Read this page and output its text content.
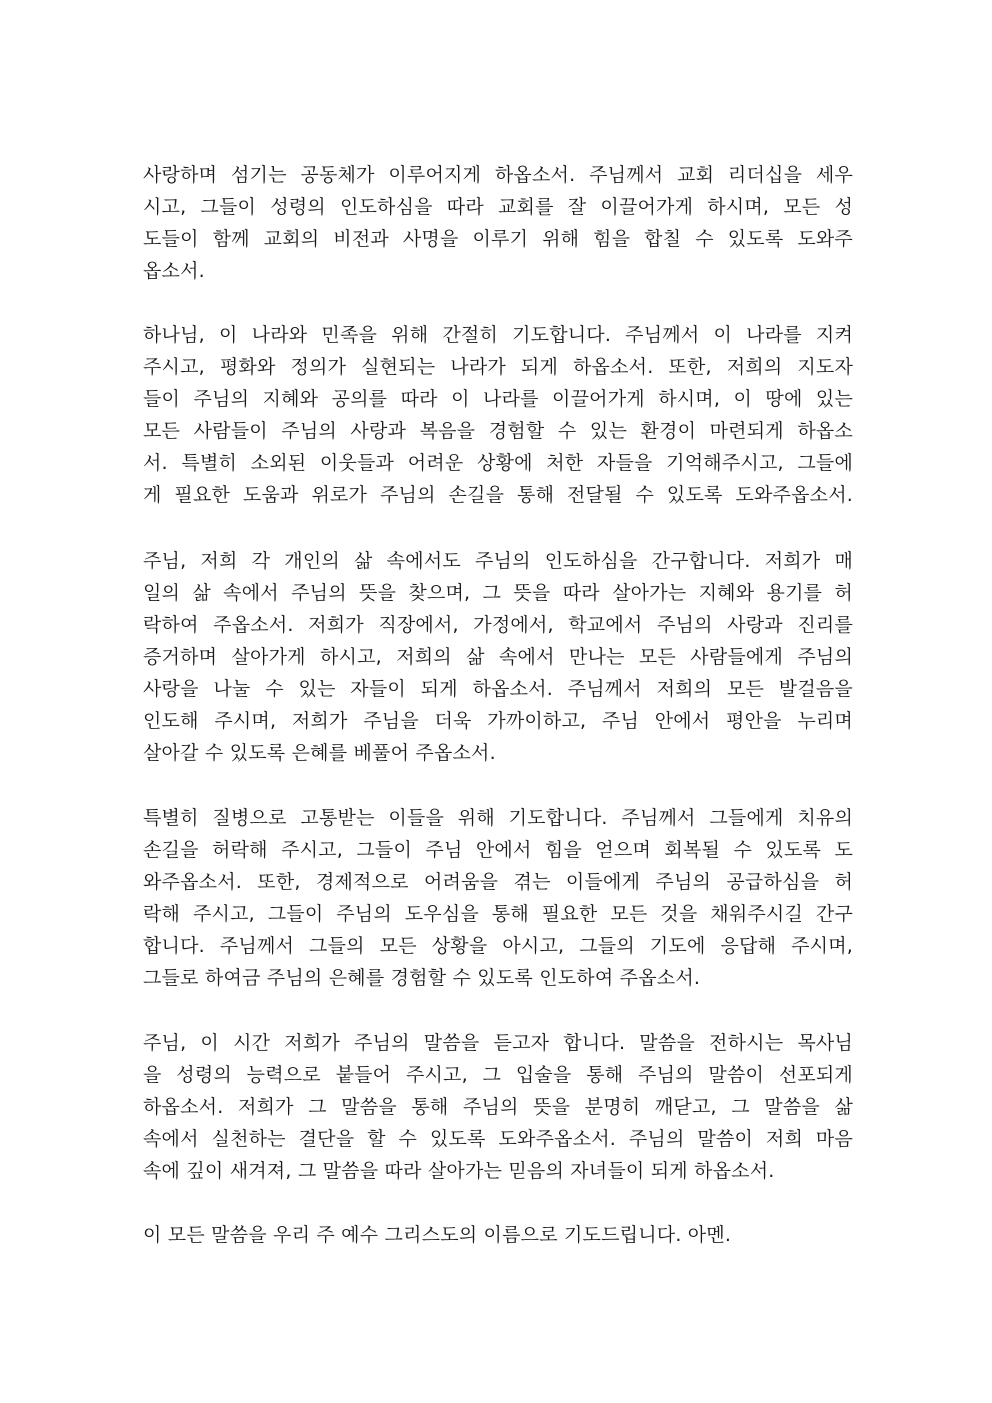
사랑하며 섬기는 공동체가 이루어지게 하옵소서. 주님께서 교회 리더십을 세우
시고, 그들이 성령의 인도하심을 따라 교회를 잘 이끌어가게 하시며, 모든 성
도들이 함께 교회의 비전과 사명을 이루기 위해 힘을 합칠 수 있도록 도와주
옵소서.
하나님, 이 나라와 민족을 위해 간절히 기도합니다. 주님께서 이 나라를 지켜
주시고, 평화와 정의가 실현되는 나라가 되게 하옵소서. 또한, 저희의 지도자
들이 주님의 지혜와 공의를 따라 이 나라를 이끌어가게 하시며, 이 땅에 있는
모든 사람들이 주님의 사랑과 복음을 경험할 수 있는 환경이 마련되게 하옵소
서. 특별히 소외된 이웃들과 어려운 상황에 처한 자들을 기억해주시고, 그들에
게 필요한 도움과 위로가 주님의 손길을 통해 전달될 수 있도록 도와주옵소서.
주님, 저희 각 개인의 삶 속에서도 주님의 인도하심을 간구합니다. 저희가 매
일의 삶 속에서 주님의 뜻을 찾으며, 그 뜻을 따라 살아가는 지혜와 용기를 허
락하여 주옵소서. 저희가 직장에서, 가정에서, 학교에서 주님의 사랑과 진리를
증거하며 살아가게 하시고, 저희의 삶 속에서 만나는 모든 사람들에게 주님의
사랑을 나눌 수 있는 자들이 되게 하옵소서. 주님께서 저희의 모든 발걸음을
인도해 주시며, 저희가 주님을 더욱 가까이하고, 주님 안에서 평안을 누리며
살아갈 수 있도록 은혜를 베풀어 주옵소서.
특별히 질병으로 고통받는 이들을 위해 기도합니다. 주님께서 그들에게 치유의
손길을 허락해 주시고, 그들이 주님 안에서 힘을 얻으며 회복될 수 있도록 도
와주옵소서. 또한, 경제적으로 어려움을 겪는 이들에게 주님의 공급하심을 허
락해 주시고, 그들이 주님의 도우심을 통해 필요한 모든 것을 채워주시길 간구
합니다. 주님께서 그들의 모든 상황을 아시고, 그들의 기도에 응답해 주시며,
그들로 하여금 주님의 은혜를 경험할 수 있도록 인도하여 주옵소서.
주님, 이 시간 저희가 주님의 말씀을 듣고자 합니다. 말씀을 전하시는 목사님
을 성령의 능력으로 붙들어 주시고, 그 입술을 통해 주님의 말씀이 선포되게
하옵소서. 저희가 그 말씀을 통해 주님의 뜻을 분명히 깨닫고, 그 말씀을 삶
속에서 실천하는 결단을 할 수 있도록 도와주옵소서. 주님의 말씀이 저희 마음
속에 깊이 새겨져, 그 말씀을 따라 살아가는 믿음의 자녀들이 되게 하옵소서.
이 모든 말씀을 우리 주 예수 그리스도의 이름으로 기도드립니다. 아멘.
